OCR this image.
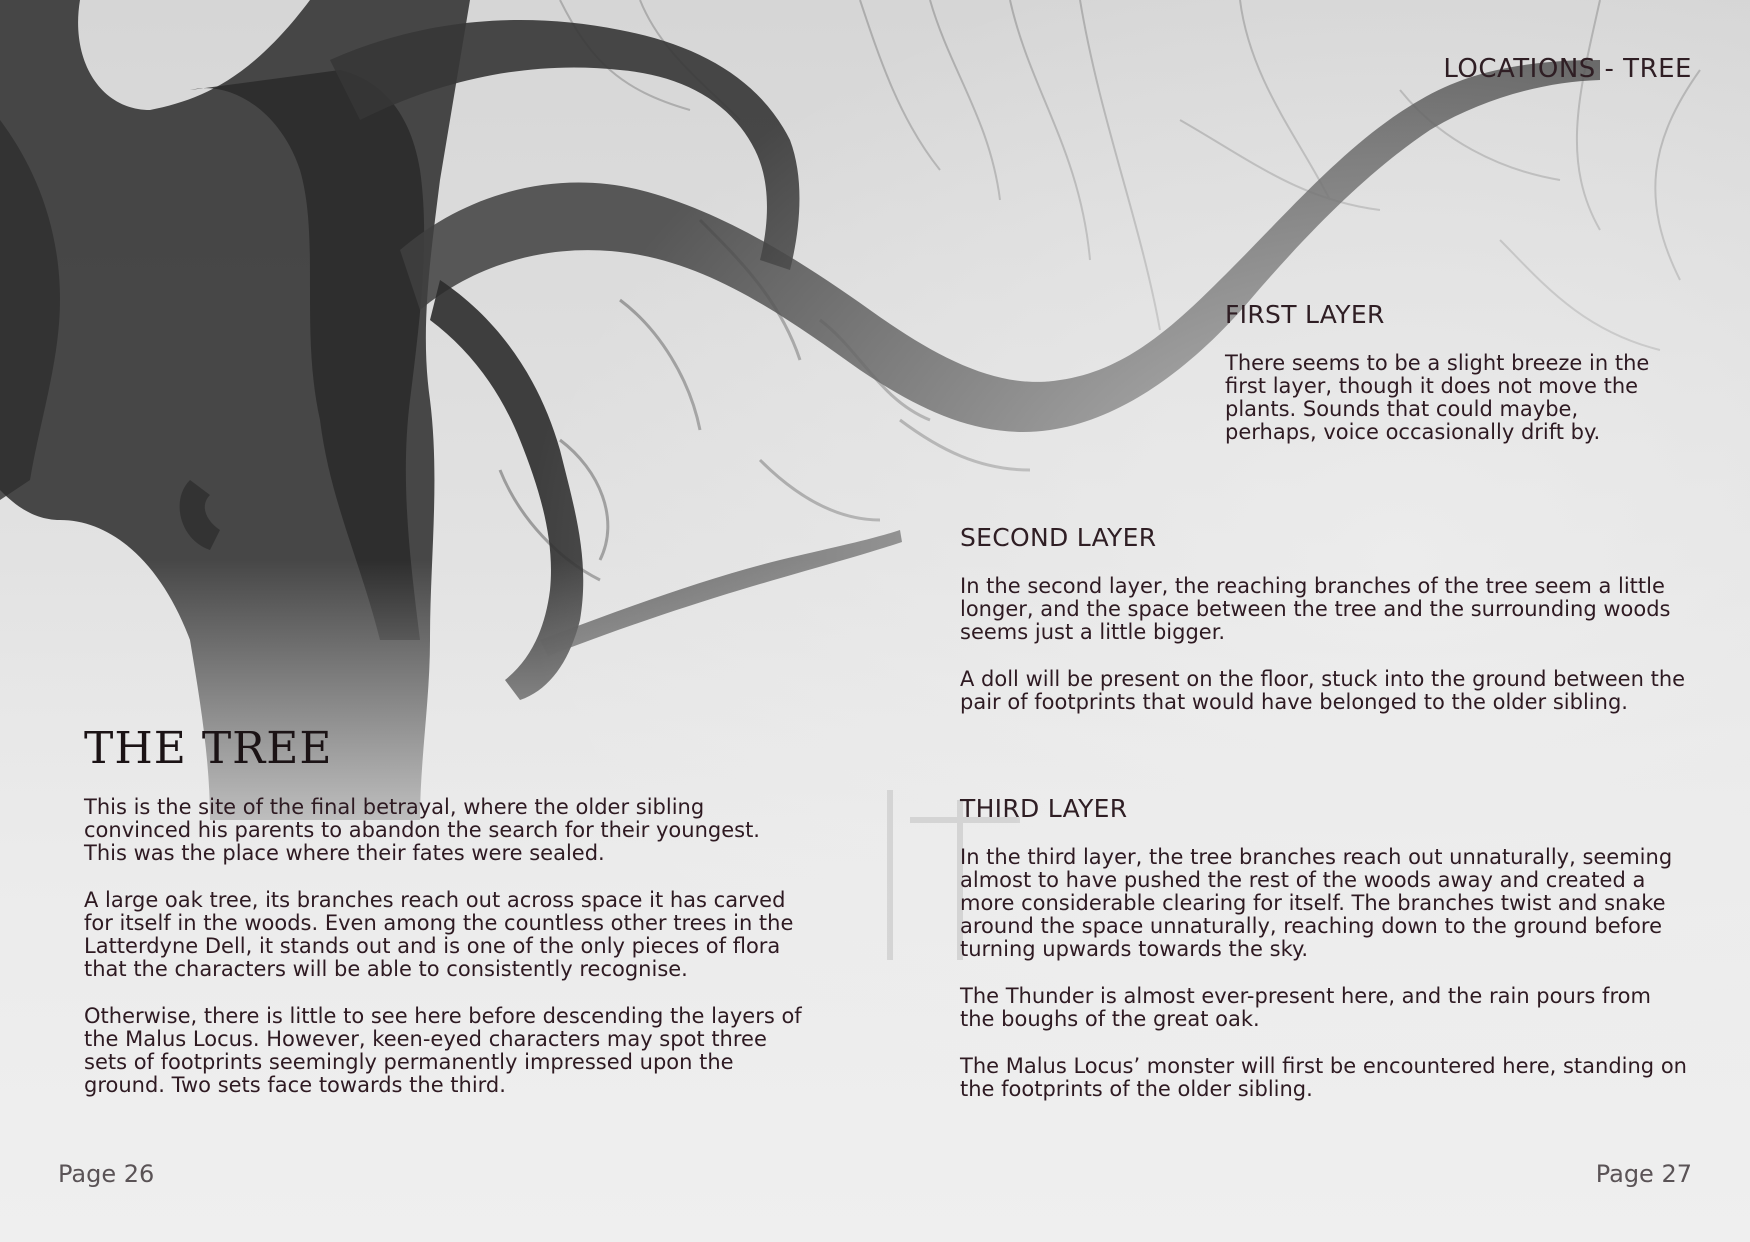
LOCATIONS - TREE
THE TREE

This is the site of the final betrayal, where the older sibling convinced his parents to abandon the search for their youngest. This was the place where their fates were sealed.

A large oak tree, its branches reach out across space it has carved for itself in the woods. Even among the countless other trees in the Latterdyne Dell, it stands out and is one of the only pieces of flora that the characters will be able to consistently recognise.

Otherwise, there is little to see here before descending the layers of the Malus Locus. However, keen-eyed characters may spot three sets of footprints seemingly permanently impressed upon the ground. Two sets face towards the third.

Page 26
FIRST LAYER

There seems to be a slight breeze in the first layer, though it does not move the plants. Sounds that could maybe, perhaps, voice occasionally drift by.

SECOND LAYER

In the second layer, the reaching branches of the tree seem a little longer, and the space between the tree and the surrounding woods seems just a little bigger.

A doll will be present on the floor, stuck into the ground between the pair of footprints that would have belonged to the older sibling.

THIRD LAYER

In the third layer, the tree branches reach out unnaturally, seeming almost to have pushed the rest of the woods away and created a more considerable clearing for itself. The branches twist and snake around the space unnaturally, reaching down to the ground before turning upwards towards the sky.

The Thunder is almost ever-present here, and the rain pours from the boughs of the great oak.

The Malus Locus’ monster will first be encountered here, standing on the footprints of the older sibling.

Page 27
